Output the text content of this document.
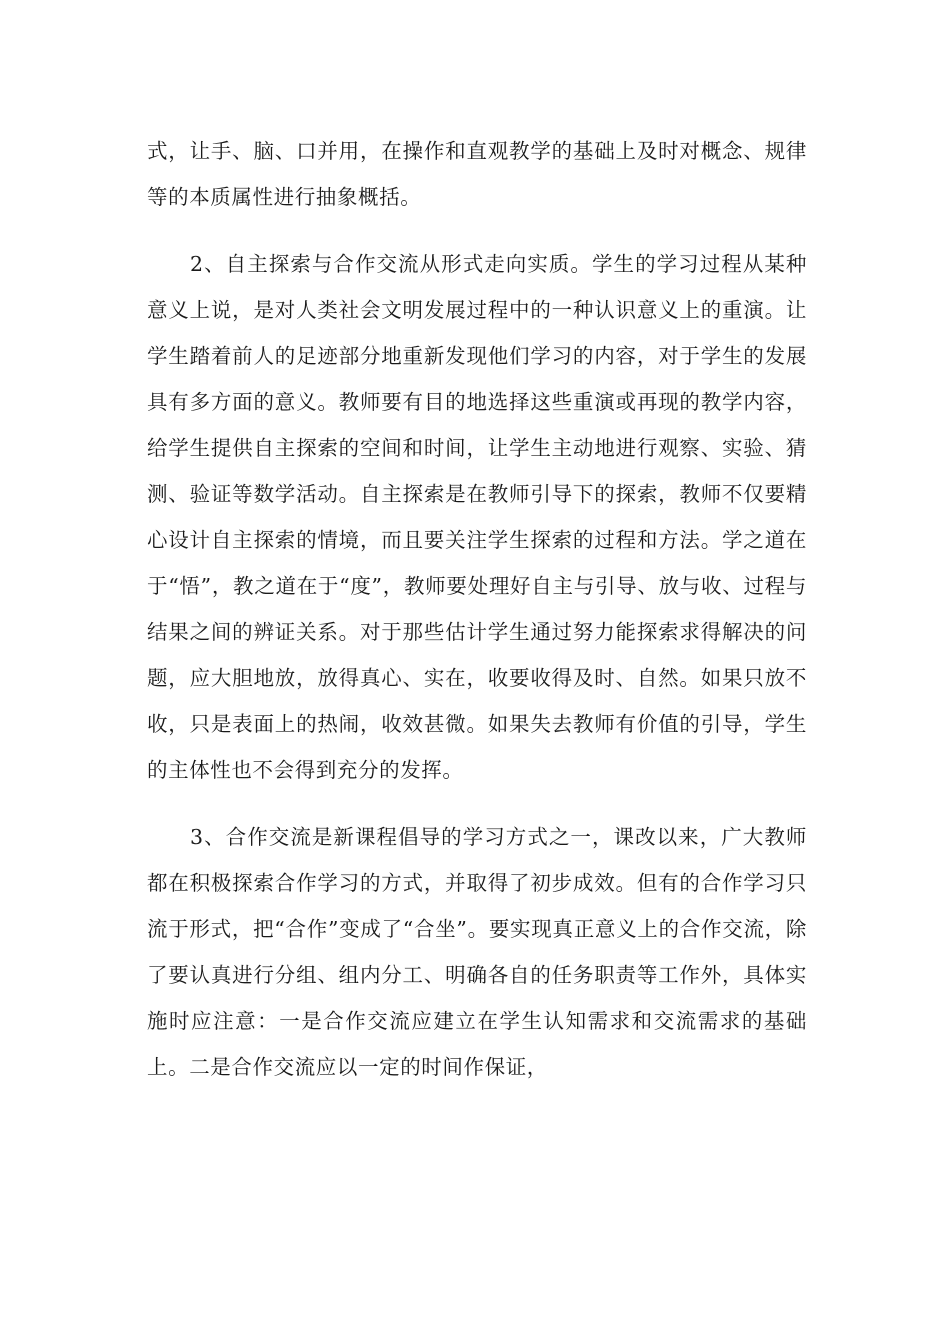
式，让手、脑、口并用，在操作和直观教学的基础上及时对概念、规律等的本质属性进行抽象概括。

2、自主探索与合作交流从形式走向实质。学生的学习过程从某种意义上说，是对人类社会文明发展过程中的一种认识意义上的重演。让学生踏着前人的足迹部分地重新发现他们学习的内容，对于学生的发展具有多方面的意义。教师要有目的地选择这些重演或再现的教学内容，给学生提供自主探索的空间和时间，让学生主动地进行观察、实验、猜测、验证等数学活动。自主探索是在教师引导下的探索，教师不仅要精心设计自主探索的情境，而且要关注学生探索的过程和方法。学之道在于“悟”，教之道在于“度”，教师要处理好自主与引导、放与收、过程与结果之间的辨证关系。对于那些估计学生通过努力能探索求得解决的问题，应大胆地放，放得真心、实在，收要收得及时、自然。如果只放不收，只是表面上的热闹，收效甚微。如果失去教师有价值的引导，学生的主体性也不会得到充分的发挥。

3、合作交流是新课程倡导的学习方式之一，课改以来，广大教师都在积极探索合作学习的方式，并取得了初步成效。但有的合作学习只流于形式，把“合作”变成了“合坐”。要实现真正意义上的合作交流，除了要认真进行分组、组内分工、明确各自的任务职责等工作外，具体实施时应注意：一是合作交流应建立在学生认知需求和交流需求的基础上。二是合作交流应以一定的时间作保证，
